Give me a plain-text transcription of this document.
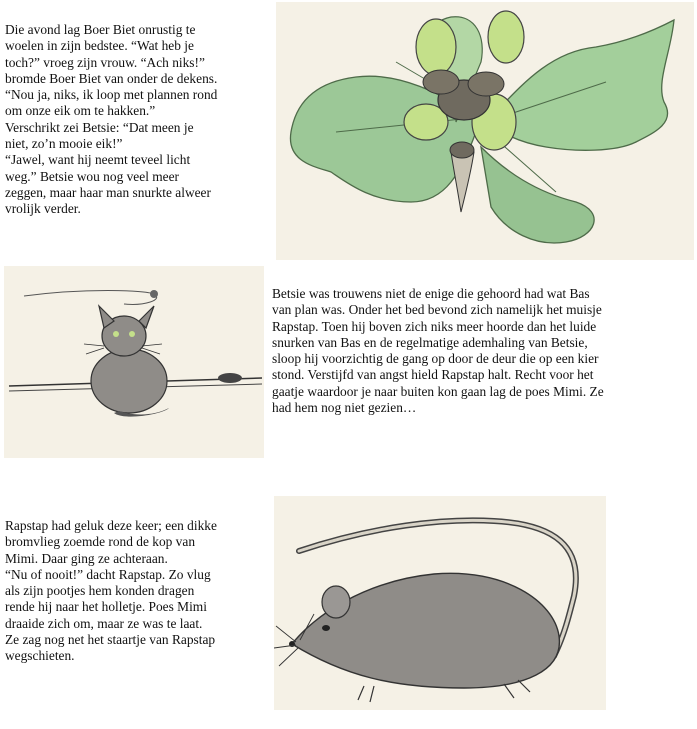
Die avond lag Boer Biet onrustig te
woelen in zijn bedstee. “Wat heb je
toch?” vroeg zijn vrouw. “Ach niks!”
bromde Boer Biet van onder de dekens.
“Nou ja, niks, ik loop met plannen rond
om onze eik om te hakken.”
Verschrikt zei Betsie: “Dat meen je
niet, zo’n mooie eik!”
“Jawel, want hij neemt teveel licht
weg.” Betsie wou nog veel meer
zeggen, maar haar man snurkte alweer
vrolijk verder.

Betsie was trouwens niet de enige die gehoord had wat Bas
van plan was. Onder het bed bevond zich namelijk het muisje
Rapstap. Toen hij boven zich niks meer hoorde dan het luide
snurken van Bas en de regelmatige ademhaling van Betsie,
sloop hij voorzichtig de gang op door de deur die op een kier
stond. Verstijfd van angst hield Rapstap halt. Recht voor het
gaatje waardoor je naar buiten kon gaan lag de poes Mimi. Ze
had hem nog niet gezien…

Rapstap had geluk deze keer; een dikke
bromvlieg zoemde rond de kop van
Mimi. Daar ging ze achteraan.
“Nu of nooit!” dacht Rapstap. Zo vlug
als zijn pootjes hem konden dragen
rende hij naar het holletje. Poes Mimi
draaide zich om, maar ze was te laat.
Ze zag nog net het staartje van Rapstap
wegschieten.
